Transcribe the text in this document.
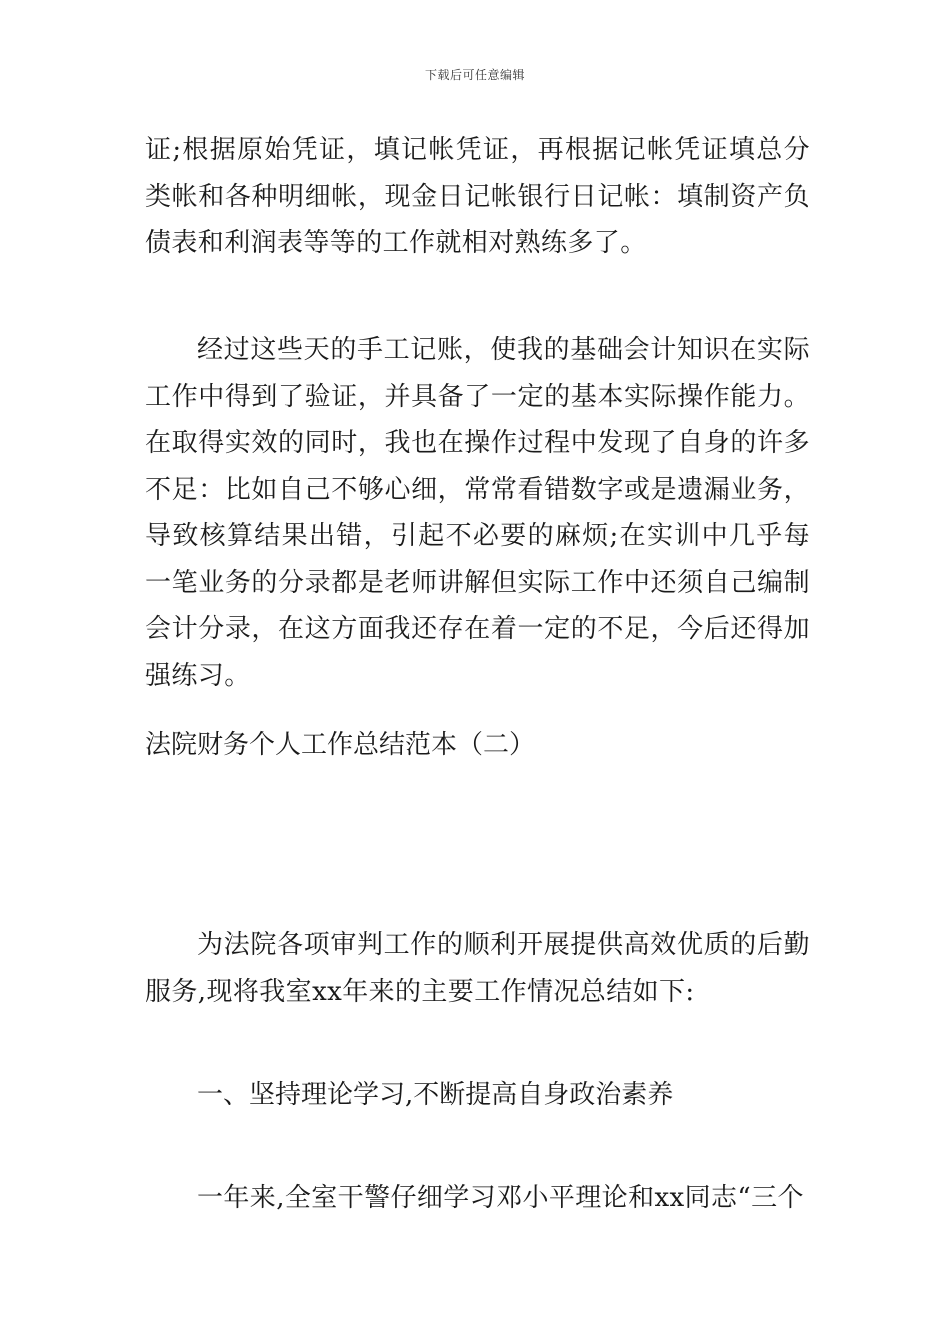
下载后可任意编辑

证;根据原始凭证，填记帐凭证，再根据记帐凭证填总分类帐和各种明细帐，现金日记帐银行日记帐：填制资产负债表和利润表等等的工作就相对熟练多了。

经过这些天的手工记账，使我的基础会计知识在实际工作中得到了验证，并具备了一定的基本实际操作能力。在取得实效的同时，我也在操作过程中发现了自身的许多不足：比如自己不够心细，常常看错数字或是遗漏业务，导致核算结果出错，引起不必要的麻烦;在实训中几乎每一笔业务的分录都是老师讲解但实际工作中还须自己编制会计分录，在这方面我还存在着一定的不足，今后还得加强练习。

法院财务个人工作总结范本（二）

为法院各项审判工作的顺利开展提供高效优质的后勤服务,现将我室xx年来的主要工作情况总结如下:

一、坚持理论学习,不断提高自身政治素养

一年来,全室干警仔细学习邓小平理论和xx同志“三个
